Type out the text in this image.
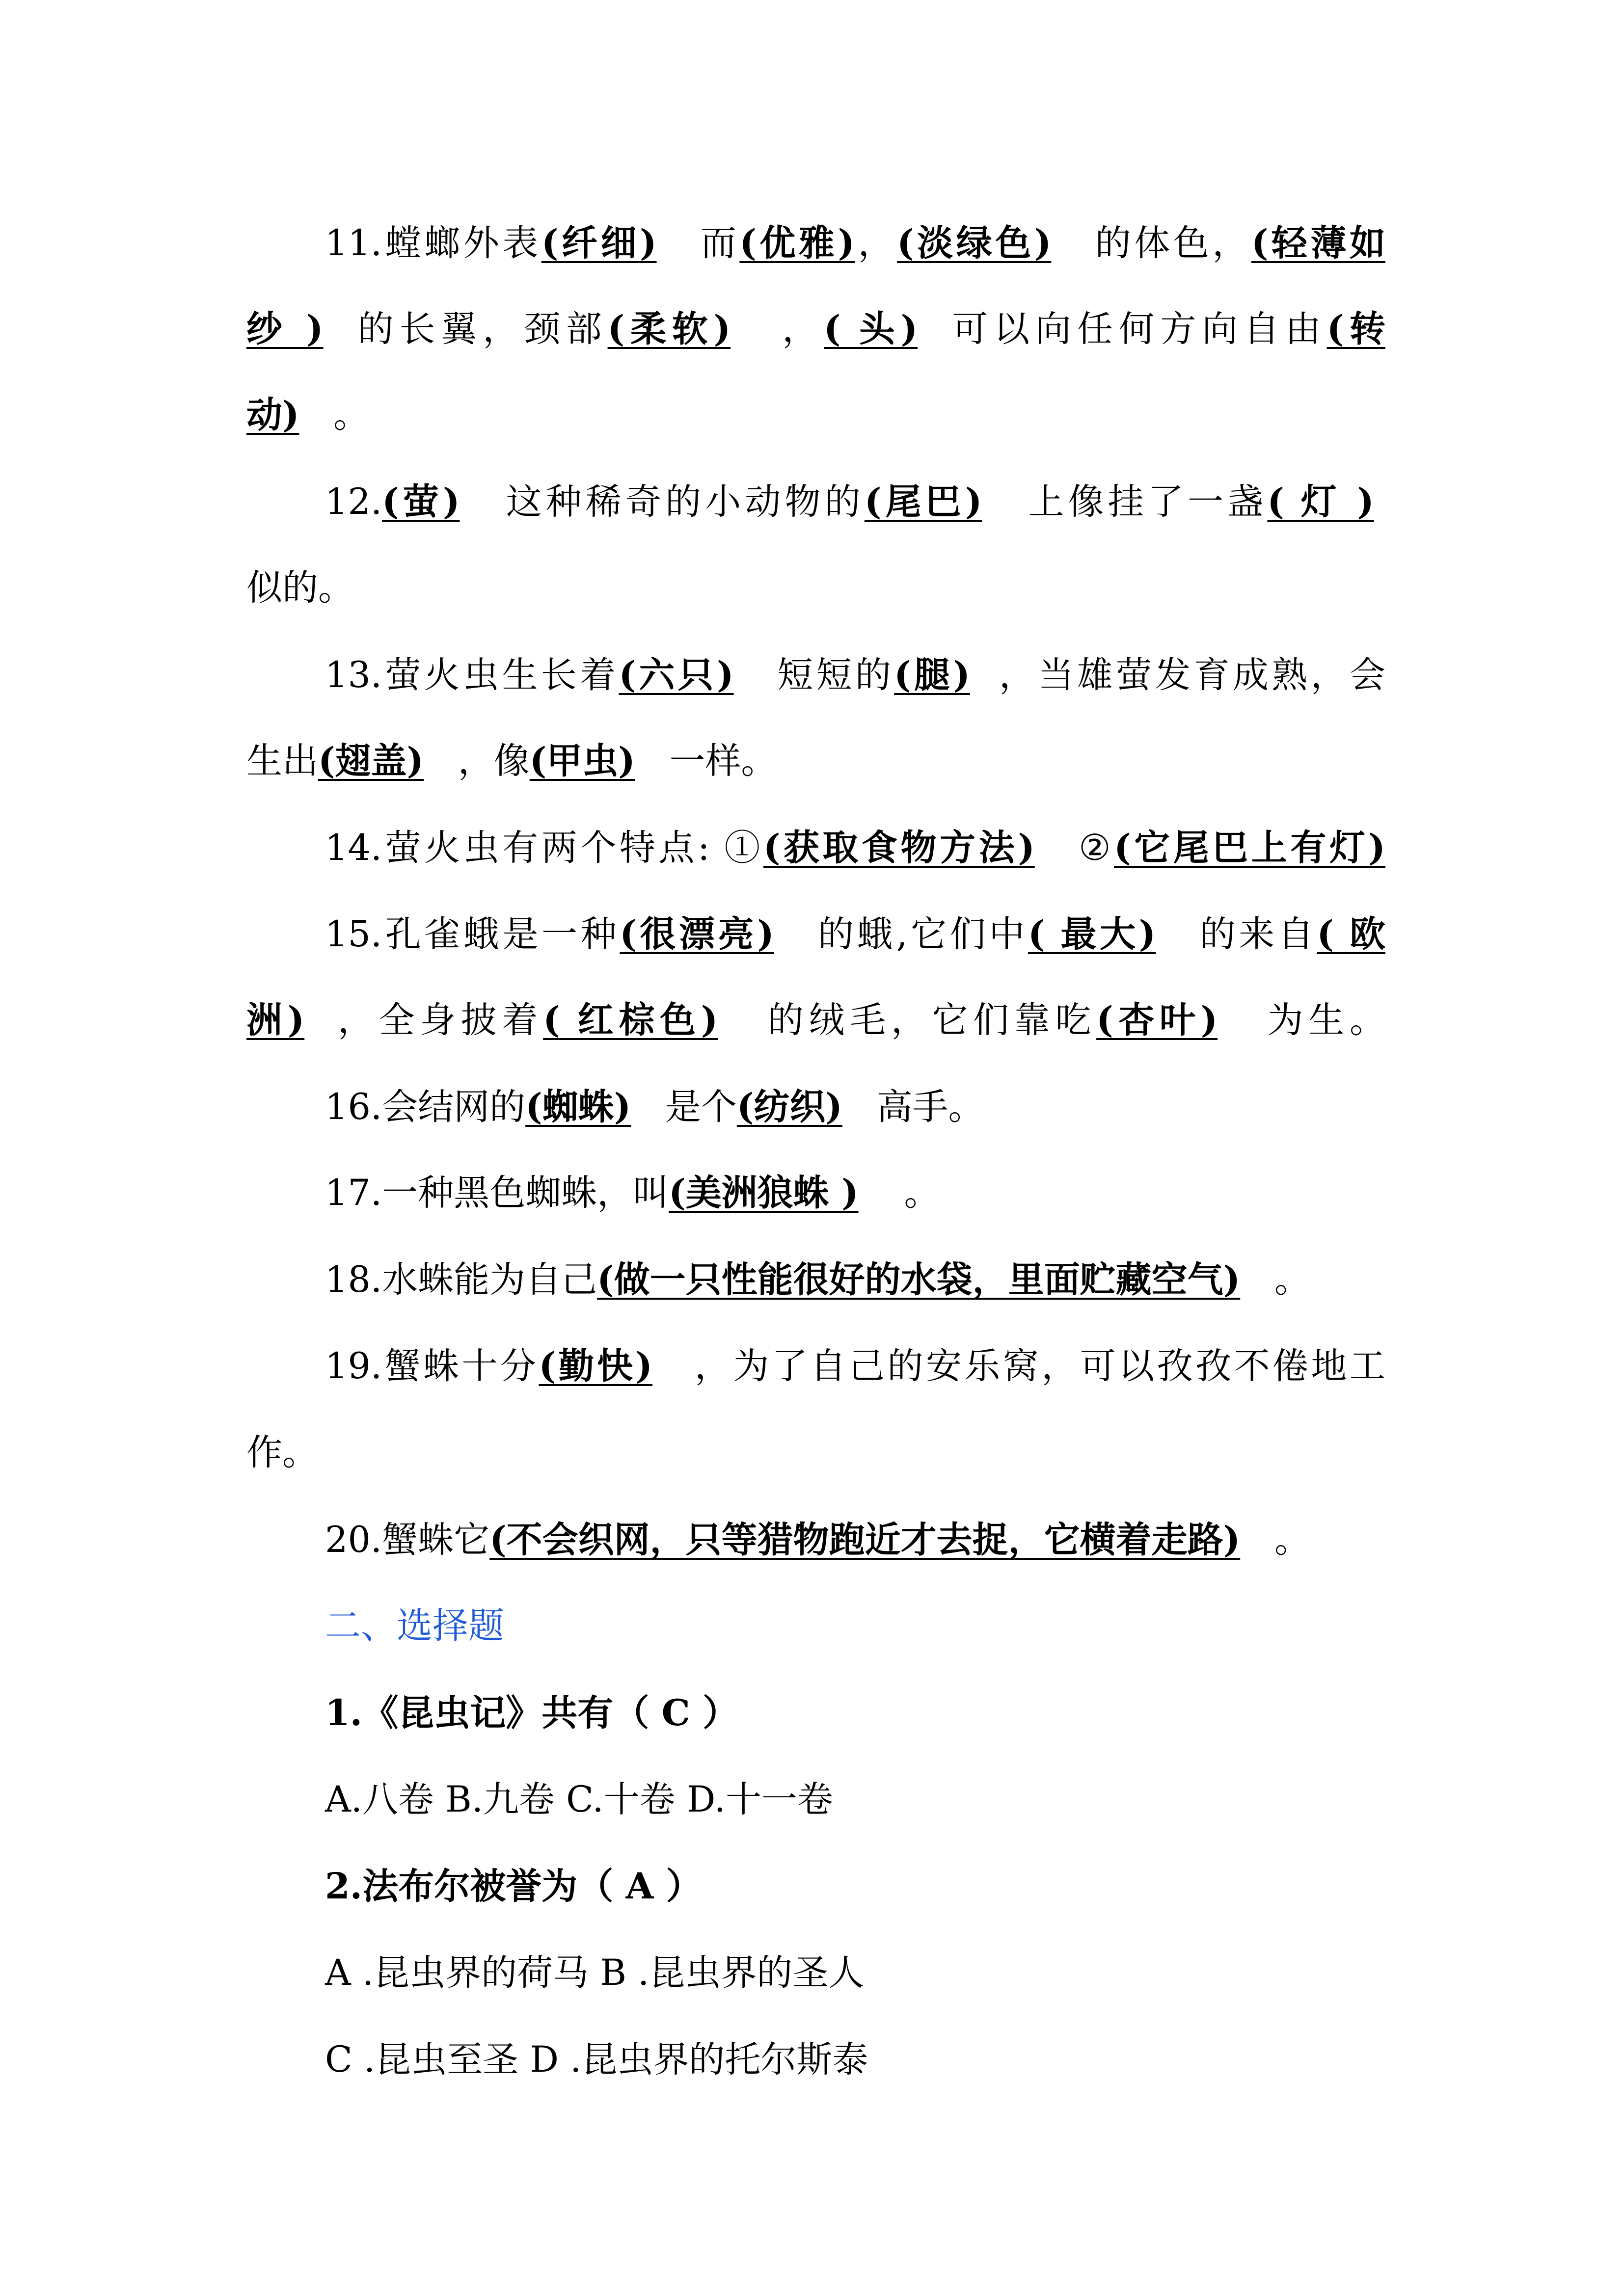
11.螳螂外表(纤细) 而(优雅)，(淡绿色) 的体色，(轻薄如
纱 ) 的长翼，颈部(柔软) ，( 头) 可以向任何方向自由(转
动) 。
12.(萤) 这种稀奇的小动物的(尾巴) 上像挂了一盏( 灯 )
似的。
13.萤火虫生长着(六只) 短短的(腿) ，当雄萤发育成熟，会
生出(翅盖) ，像(甲虫) 一样。
14.萤火虫有两个特点: ①(获取食物方法) ②(它尾巴上有灯)
15.孔雀蛾是一种(很漂亮) 的蛾,它们中( 最大) 的来自( 欧
洲) ，全身披着( 红棕色) 的绒毛，它们靠吃(杏叶) 为生。
16.会结网的(蜘蛛) 是个(纺织) 高手。
17.一种黑色蜘蛛，叫(美洲狼蛛 ) 。
18.水蛛能为自己(做一只性能很好的水袋，里面贮藏空气) 。
19.蟹蛛十分(勤快) ，为了自己的安乐窝，可以孜孜不倦地工
作。
20.蟹蛛它(不会织网，只等猎物跑近才去捉，它横着走路) 。
二、选择题
1.《昆虫记》共有（ C ）
A.八卷 B.九卷 C.十卷 D.十一卷
2.法布尔被誉为（ A ）
A .昆虫界的荷马 B .昆虫界的圣人
C .昆虫至圣 D .昆虫界的托尔斯泰
